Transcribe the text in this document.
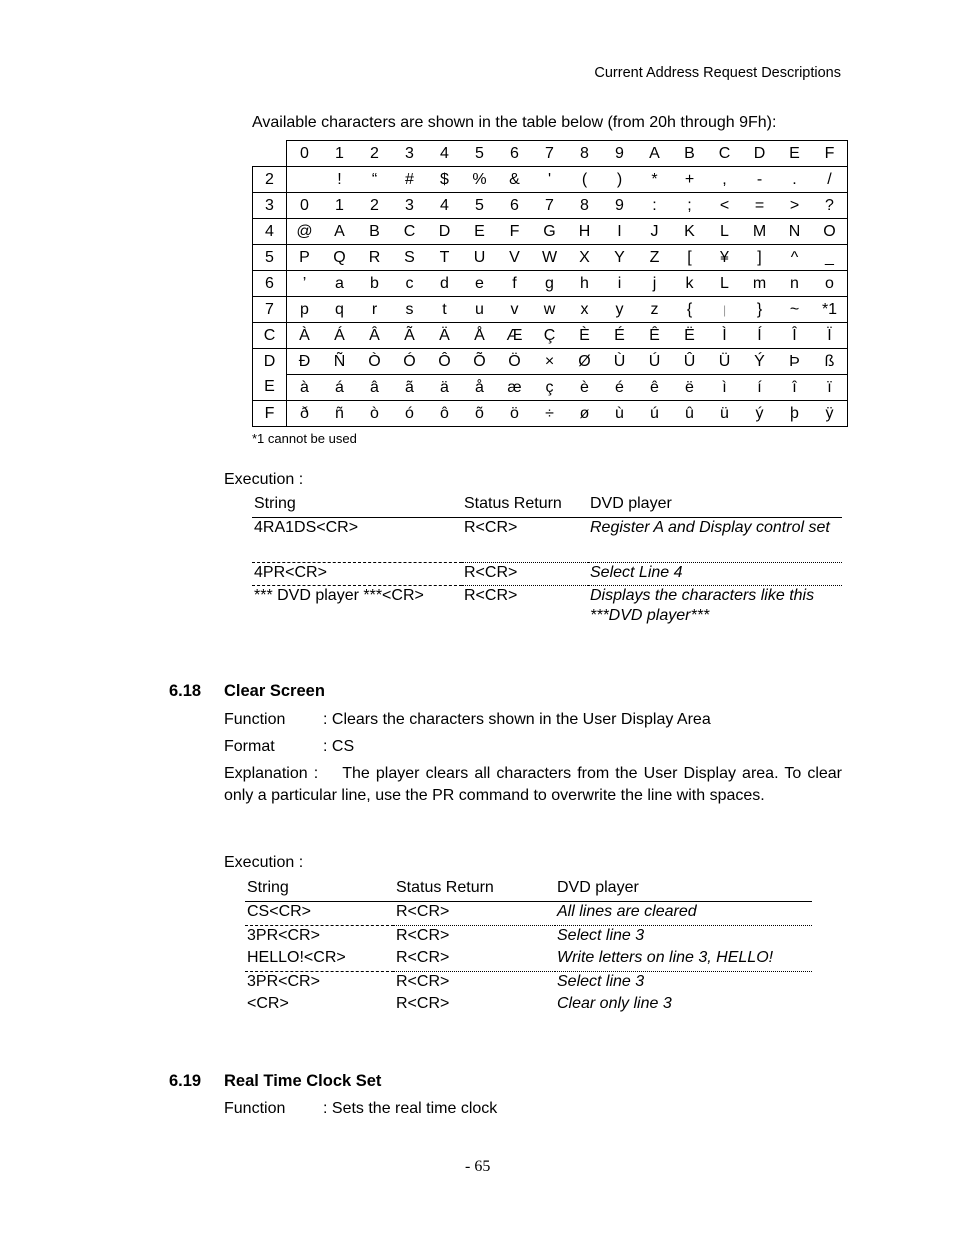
Current Address Request Descriptions
Available characters are shown in the table below (from 20h through 9Fh):
	0	1	2	3	4	5	6	7	8	9	A	B	C	D	E	F
2		!	“	#	$	%	&	'	(	)	*	+	,	-	.	/
3	0	1	2	3	4	5	6	7	8	9	:	;	<	=	>	?
4	@	A	B	C	D	E	F	G	H	I	J	K	L	M	N	O
5	P	Q	R	S	T	U	V	W	X	Y	Z	[	¥	]	^	_
6	’	a	b	c	d	e	f	g	h	i	j	k	L	m	n	o
7	p	q	r	s	t	u	v	w	x	y	z	{	|	}	~	*1
C	À	Á	Â	Ã	Ä	Å	Æ	Ç	È	É	Ê	Ë	Ì	Í	Î	Ï
D	Đ	Ñ	Ò	Ó	Ô	Õ	Ö	×	Ø	Ù	Ú	Û	Ü	Ý	Þ	ß
E	à	á	â	ã	ä	å	æ	ç	è	é	ê	ë	ì	í	î	ï
F	ð	ñ	ò	ó	ô	õ	ö	÷	ø	ù	ú	û	ü	ý	þ	ÿ
*1 cannot be used
Execution :
String	Status Return	DVD player
4RA1DS<CR>	R<CR>	Register A and Display control set
4PR<CR>	R<CR>	Select Line 4
*** DVD player ***<CR>	R<CR>	Displays the characters like this ***DVD player***
6.18 Clear Screen
Function : Clears the characters shown in the User Display Area
Format	: CS
Explanation : The player clears all characters from the User Display area. To clear only a particular line, use the PR command to overwrite the line with spaces.
Execution :
String	Status Return	DVD player
CS<CR>	R<CR>	All lines are cleared
3PR<CR>	R<CR>	Select line 3
HELLO!<CR>	R<CR>	Write letters on line 3, HELLO!
3PR<CR>	R<CR>	Select line 3
<CR>	R<CR>	Clear only line 3
6.19 Real Time Clock Set
Function : Sets the real time clock
- 65
